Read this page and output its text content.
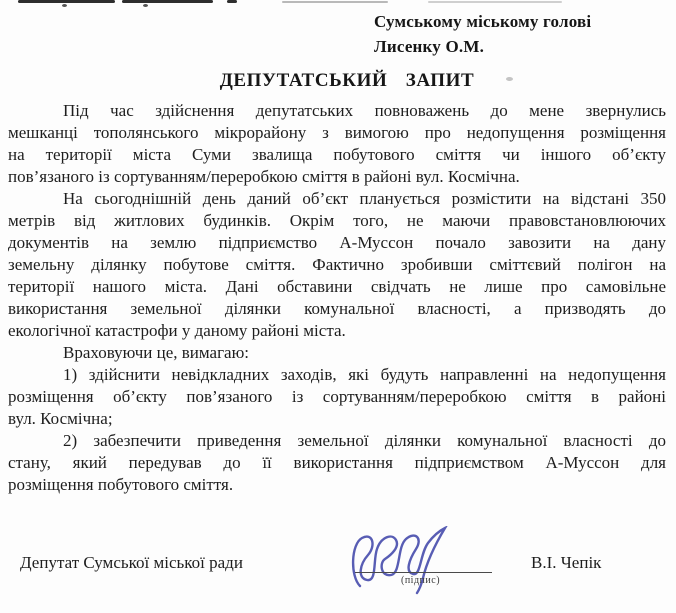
Сумському міському голові
Лисенку О.М.
ДЕПУТАТСЬКИЙ ЗАПИТ
Під час здійснення депутатських повноважень до мене звернулись
мешканці тополянського мікрорайону з вимогою про недопущення розміщення
на території міста Суми звалища побутового сміття чи іншого об’єкту
пов’язаного із сортуванням/переробкою сміття в районі вул. Космічна.
На сьогоднішній день даний об’єкт планується розмістити на відстані 350
метрів від житлових будинків. Окрім того, не маючи правовстановлюючих
документів на землю підприємство А-Муссон почало завозити на дану
земельну ділянку побутове сміття. Фактично зробивши сміттєвий полігон на
території нашого міста. Дані обставини свідчать не лише про самовільне
використання земельної ділянки комунальної власності, а призводять до
екологічної катастрофи у даному районі міста.
Враховуючи це, вимагаю:
1) здійснити невідкладних заходів, які будуть направленні на недопущення
розміщення об’єкту пов’язаного із сортуванням/переробкою сміття в районі
вул. Космічна;
2) забезпечити приведення земельної ділянки комунальної власності до
стану, який передував до її використання підприємством А-Муссон для
розміщення побутового сміття.
Депутат Сумської міської ради
(підпис)
В.І. Чепік
